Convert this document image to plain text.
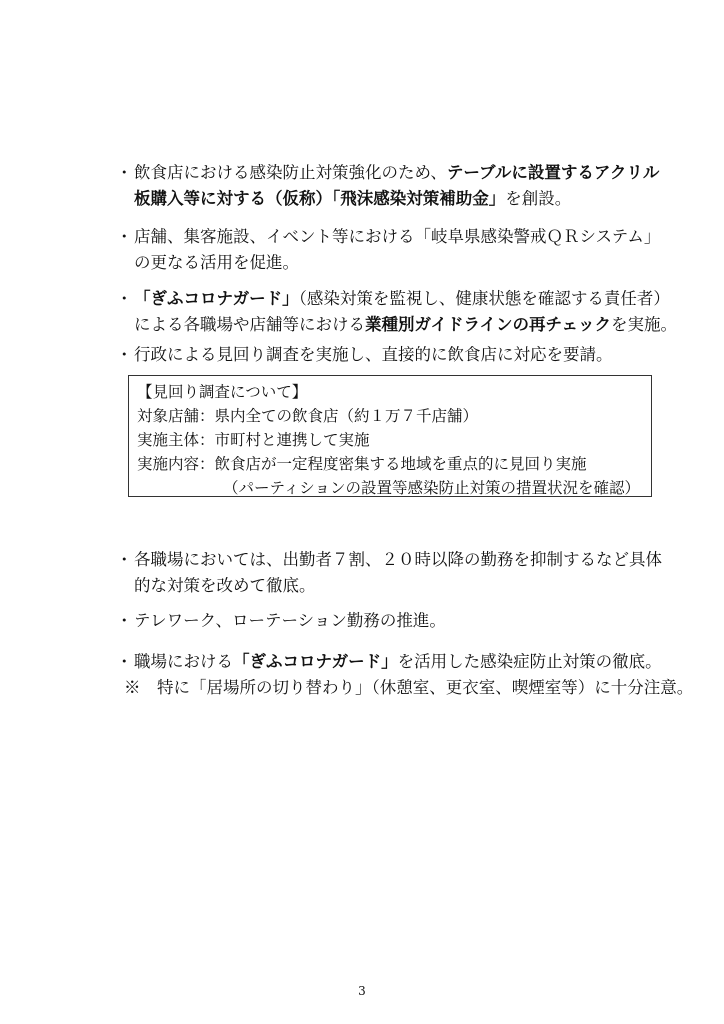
・ 飲食店における感染防止対策強化のため、テーブルに設置するアクリル
板購入等に対する（仮称）「飛沫感染対策補助金」を創設。
・ 店舗、集客施設、イベント等における「岐阜県感染警戒ＱＲシステム」
の更なる活用を促進。
・ 「ぎふコロナガード」（感染対策を監視し、健康状態を確認する責任者）
による各職場や店舗等における業種別ガイドラインの再チェックを実施。
・ 行政による見回り調査を実施し、直接的に飲食店に対応を要請。
【見回り調査について】
対象店舗：県内全ての飲食店（約１万７千店舗）
実施主体：市町村と連携して実施
実施内容：飲食店が一定程度密集する地域を重点的に見回り実施
（パーティションの設置等感染防止対策の措置状況を確認）
・ 各職場においては、出勤者７割、２０時以降の勤務を抑制するなど具体
的な対策を改めて徹底。
・ テレワーク、ローテーション勤務の推進。
・ 職場における「ぎふコロナガード」を活用した感染症防止対策の徹底。
※　特に「居場所の切り替わり」（休憩室、更衣室、喫煙室等）に十分注意。
3
